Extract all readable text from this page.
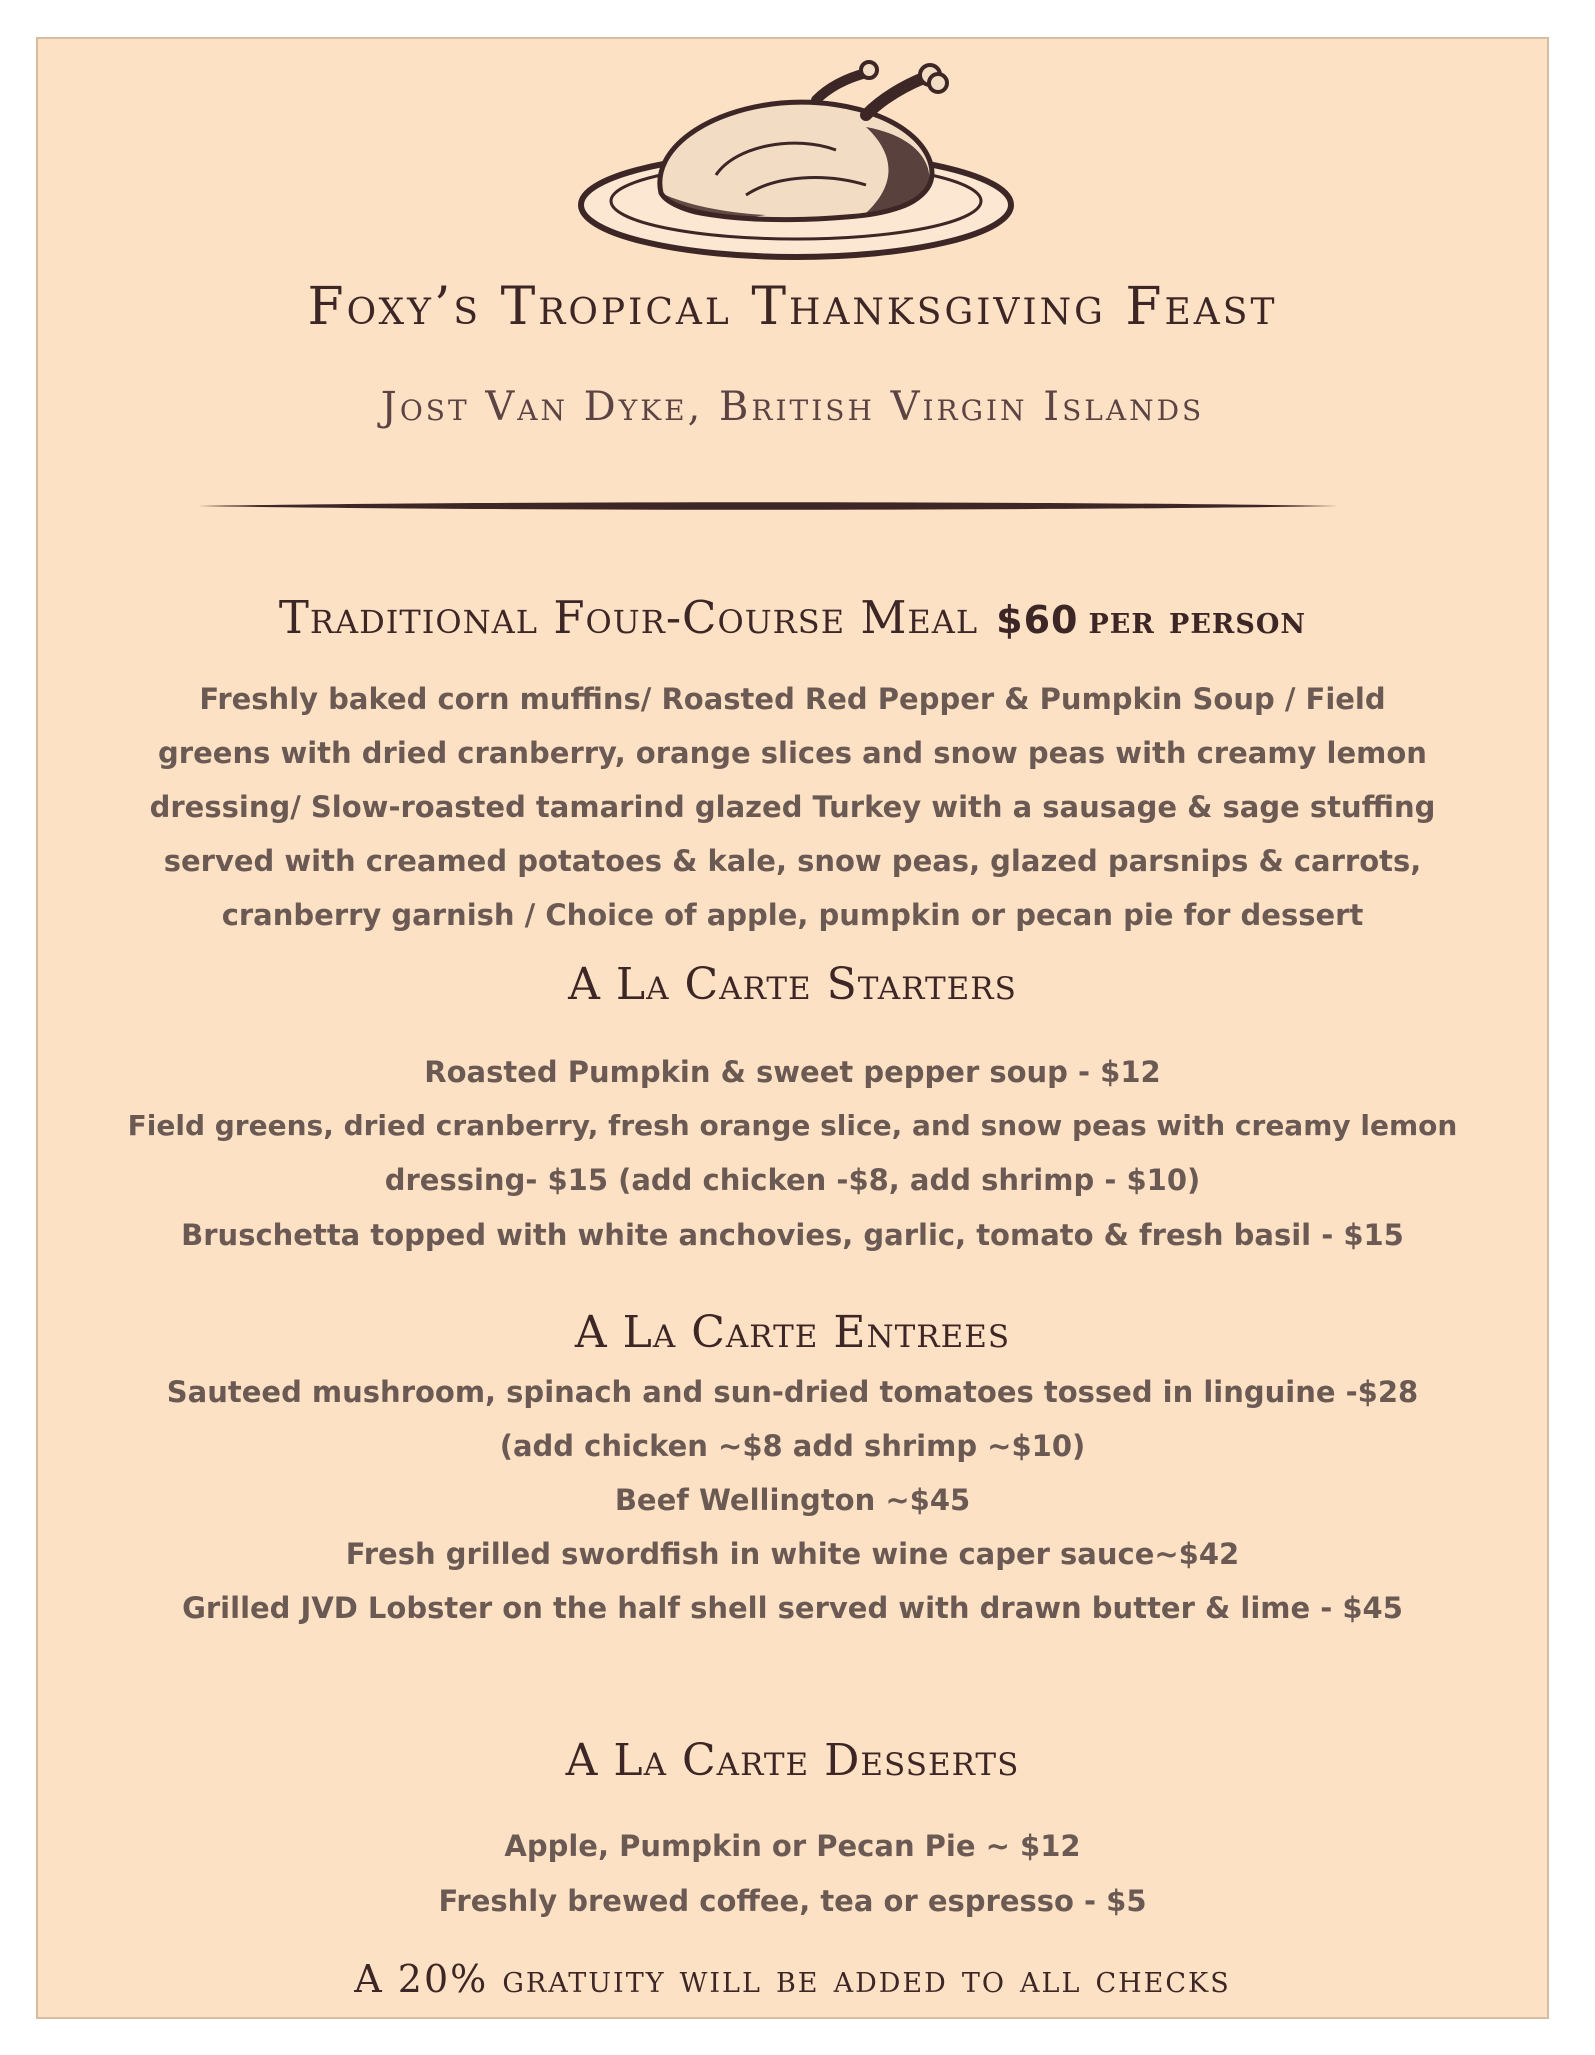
Foxy’s Tropical Thanksgiving Feast
Jost Van Dyke, British Virgin Islands
Traditional Four-Course Meal $60 per person
Freshly baked corn muffins/ Roasted Red Pepper & Pumpkin Soup / Field
greens with dried cranberry, orange slices and snow peas with creamy lemon
dressing/ Slow-roasted tamarind glazed Turkey with a sausage & sage stuffing
served with creamed potatoes & kale, snow peas, glazed parsnips & carrots,
cranberry garnish / Choice of apple, pumpkin or pecan pie for dessert
A La Carte Starters
Roasted Pumpkin & sweet pepper soup - $12
Field greens, dried cranberry, fresh orange slice, and snow peas with creamy lemon
dressing- $15 (add chicken -$8, add shrimp - $10)
Bruschetta topped with white anchovies, garlic, tomato & fresh basil - $15
A La Carte Entrees
Sauteed mushroom, spinach and sun-dried tomatoes tossed in linguine -$28
(add chicken ~$8 add shrimp ~$10)
Beef Wellington ~$45
Fresh grilled swordfish in white wine caper sauce~$42
Grilled JVD Lobster on the half shell served with drawn butter & lime - $45
A La Carte Desserts
Apple, Pumpkin or Pecan Pie ~ $12
Freshly brewed coffee, tea or espresso - $5
A 20% gratuity will be added to all checks
